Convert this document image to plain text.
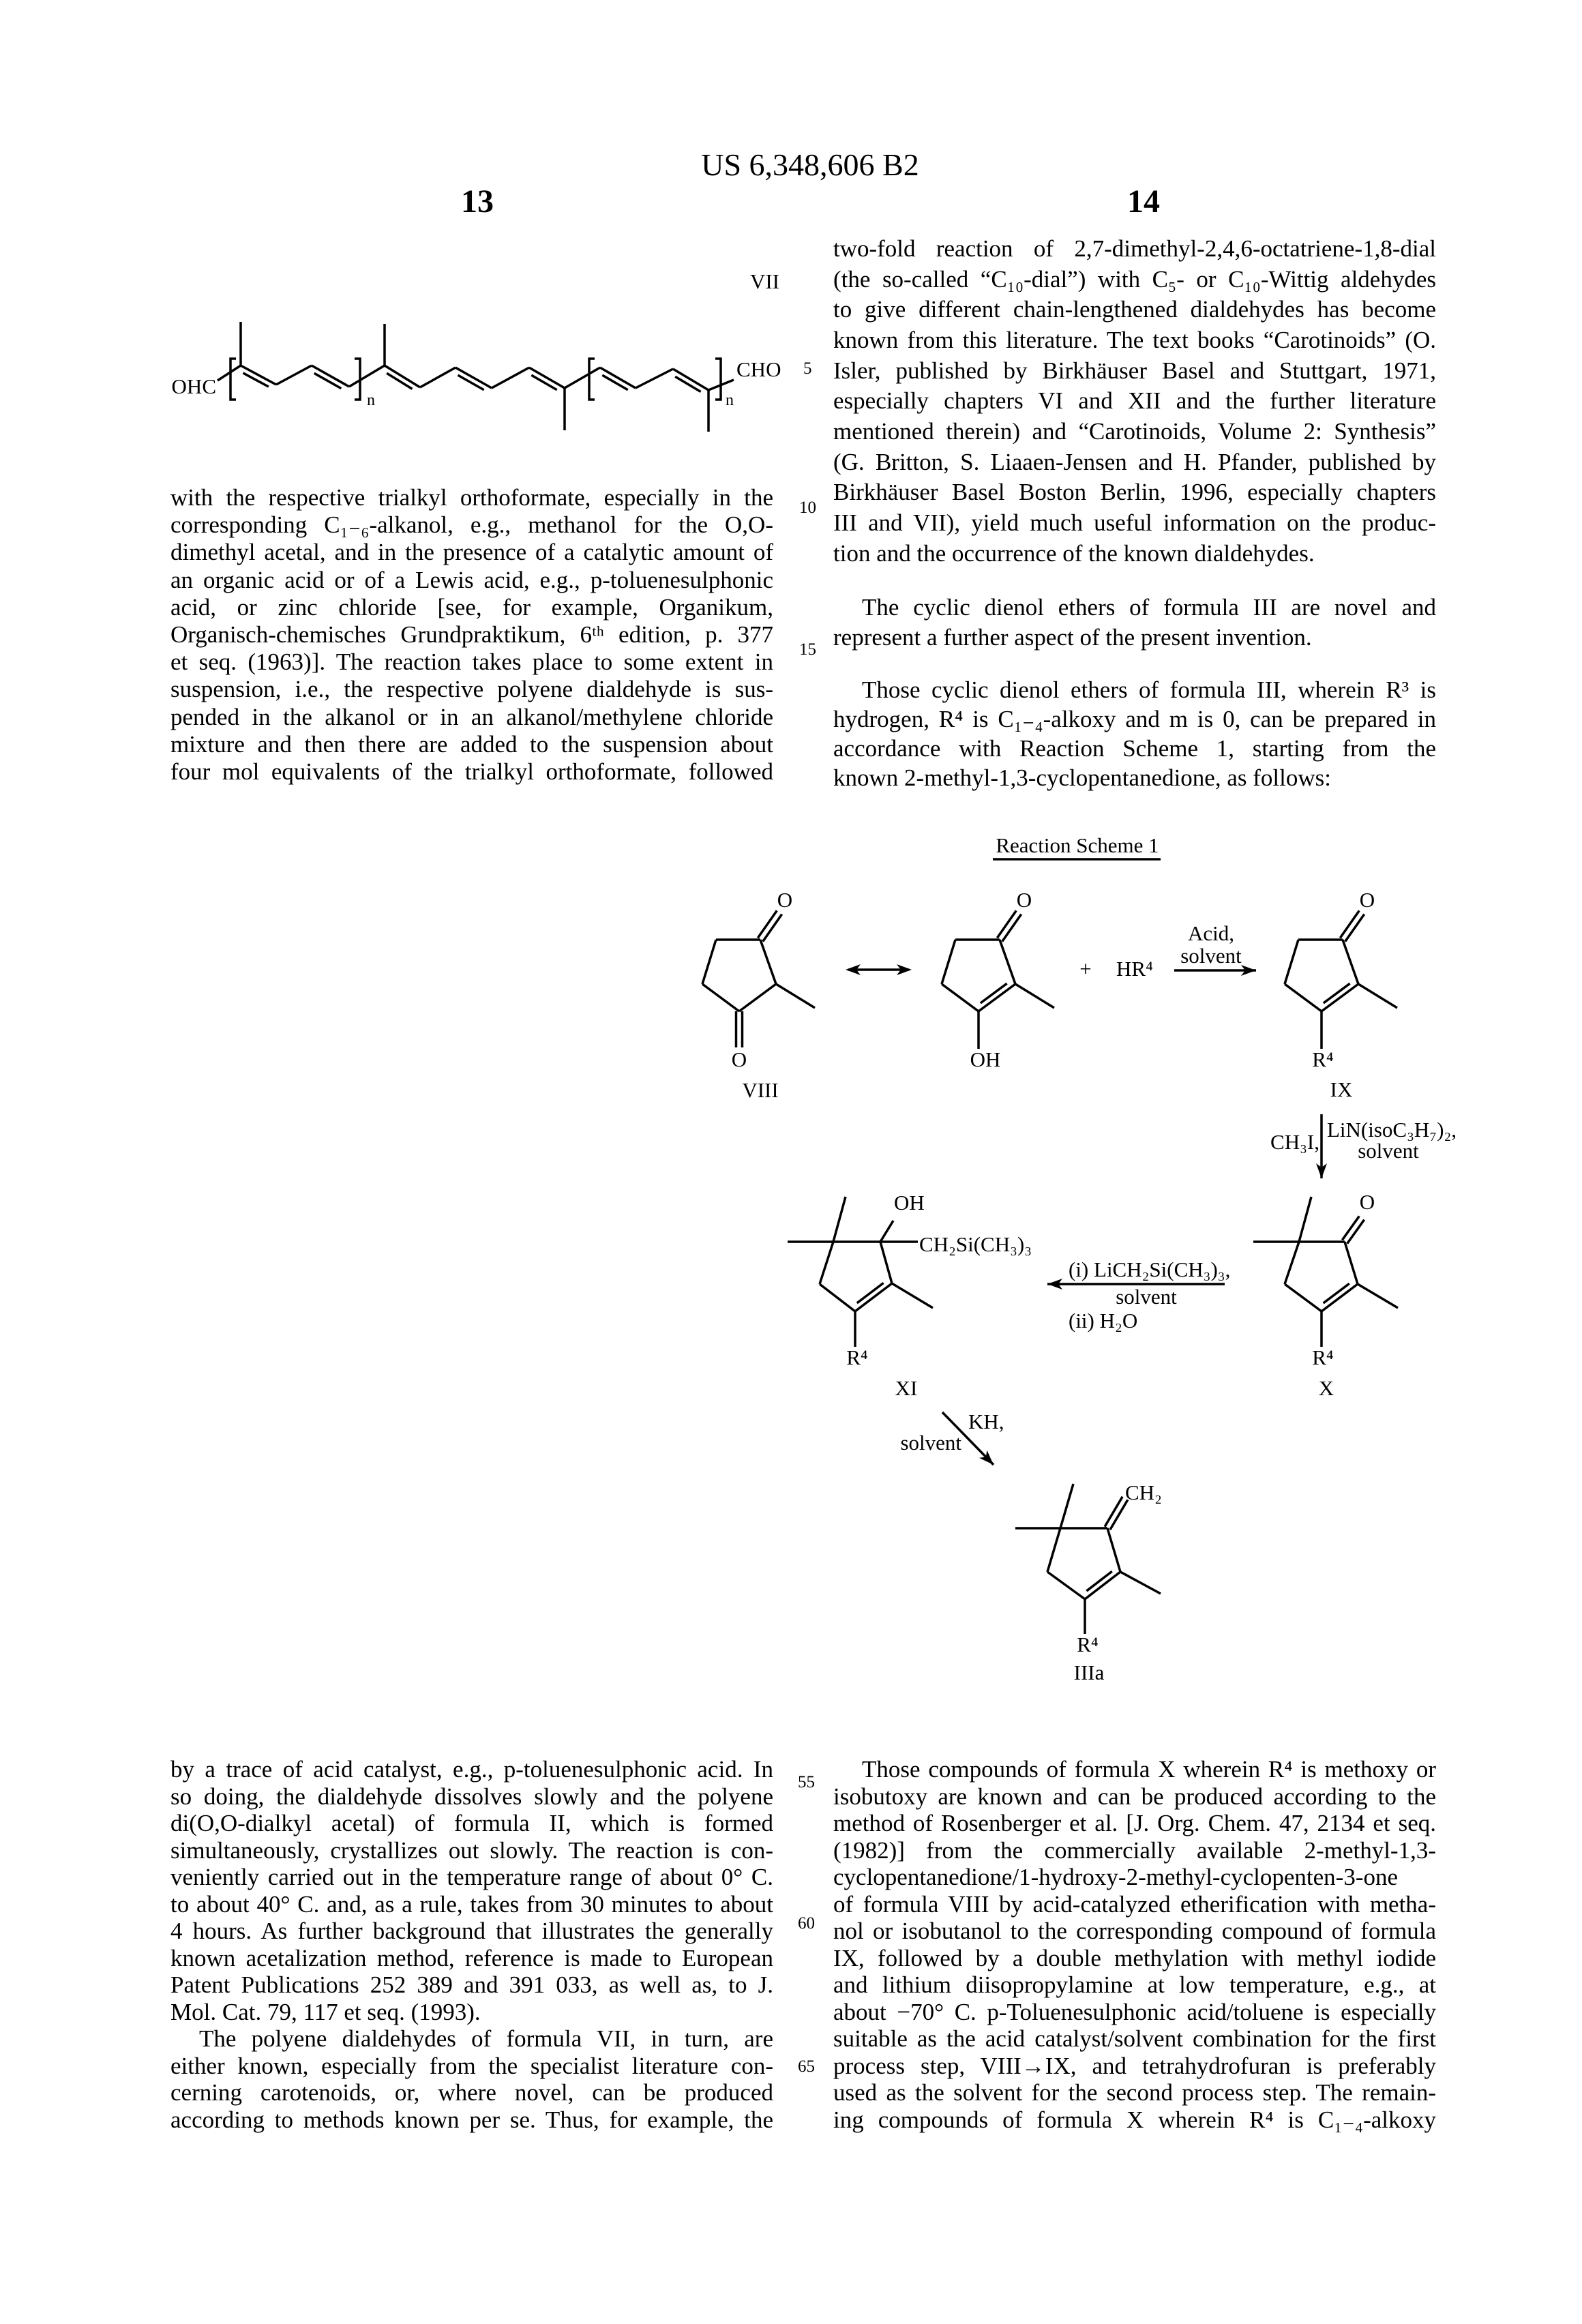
US 6,348,606 B2
13	14
5
10
15
55
60
65
n	n
OHC
CHO
VII
Reaction Scheme 1
O
O
VIII
O
OH
+ HR⁴
Acid,
solvent
O
R⁴
IX
CH₃I,
LiN(isoC₃H₇)₂,
solvent
O
R⁴
X
(i) LiCH₂Si(CH₃)₃,
solvent
(ii) H₂O
OH
CH₂Si(CH₃)₃
R⁴
XI
KH,
solvent
CH₂
R⁴
IIIa
with the respective trialkyl orthoformate, especially in the
corresponding C₁₋₆-alkanol, e.g., methanol for the O,O-
dimethyl acetal, and in the presence of a catalytic amount of
an organic acid or of a Lewis acid, e.g., p-toluenesulphonic
acid, or zinc chloride [see, for example, Organikum,
Organisch-chemisches Grundpraktikum, 6ᵗʰ edition, p. 377
et seq. (1963)]. The reaction takes place to some extent in
suspension, i.e., the respective polyene dialdehyde is sus-
pended in the alkanol or in an alkanol/methylene chloride
mixture and then there are added to the suspension about
four mol equivalents of the trialkyl orthoformate, followed
two-fold reaction of 2,7-dimethyl-2,4,6-octatriene-1,8-dial
(the so-called “C₁₀-dial”) with C₅- or C₁₀-Wittig aldehydes
to give different chain-lengthened dialdehydes has become
known from this literature. The text books “Carotinoids” (O.
Isler, published by Birkhäuser Basel and Stuttgart, 1971,
especially chapters VI and XII and the further literature
mentioned therein) and “Carotinoids, Volume 2: Synthesis”
(G. Britton, S. Liaaen-Jensen and H. Pfander, published by
Birkhäuser Basel Boston Berlin, 1996, especially chapters
III and VII), yield much useful information on the produc-
tion and the occurrence of the known dialdehydes.
The cyclic dienol ethers of formula III are novel and
represent a further aspect of the present invention.
Those cyclic dienol ethers of formula III, wherein R³ is
hydrogen, R⁴ is C₁₋₄-alkoxy and m is 0, can be prepared in
accordance with Reaction Scheme 1, starting from the
known 2-methyl-1,3-cyclopentanedione, as follows:
by a trace of acid catalyst, e.g., p-toluenesulphonic acid. In
so doing, the dialdehyde dissolves slowly and the polyene
di(O,O-dialkyl acetal) of formula II, which is formed
simultaneously, crystallizes out slowly. The reaction is con-
veniently carried out in the temperature range of about 0° C.
to about 40° C. and, as a rule, takes from 30 minutes to about
4 hours. As further background that illustrates the generally
known acetalization method, reference is made to European
Patent Publications 252 389 and 391 033, as well as, to J.
Mol. Cat. 79, 117 et seq. (1993).
The polyene dialdehydes of formula VII, in turn, are
either known, especially from the specialist literature con-
cerning carotenoids, or, where novel, can be produced
according to methods known per se. Thus, for example, the
Those compounds of formula X wherein R⁴ is methoxy or
isobutoxy are known and can be produced according to the
method of Rosenberger et al. [J. Org. Chem. 47, 2134 et seq.
(1982)] from the commercially available 2-methyl-1,3-
cyclopentanedione/1-hydroxy-2-methyl-cyclopenten-3-one
of formula VIII by acid-catalyzed etherification with metha-
nol or isobutanol to the corresponding compound of formula
IX, followed by a double methylation with methyl iodide
and lithium diisopropylamine at low temperature, e.g., at
about −70° C. p-Toluenesulphonic acid/toluene is especially
suitable as the acid catalyst/solvent combination for the first
process step, VIII→IX, and tetrahydrofuran is preferably
used as the solvent for the second process step. The remain-
ing compounds of formula X wherein R⁴ is C₁₋₄-alkoxy
